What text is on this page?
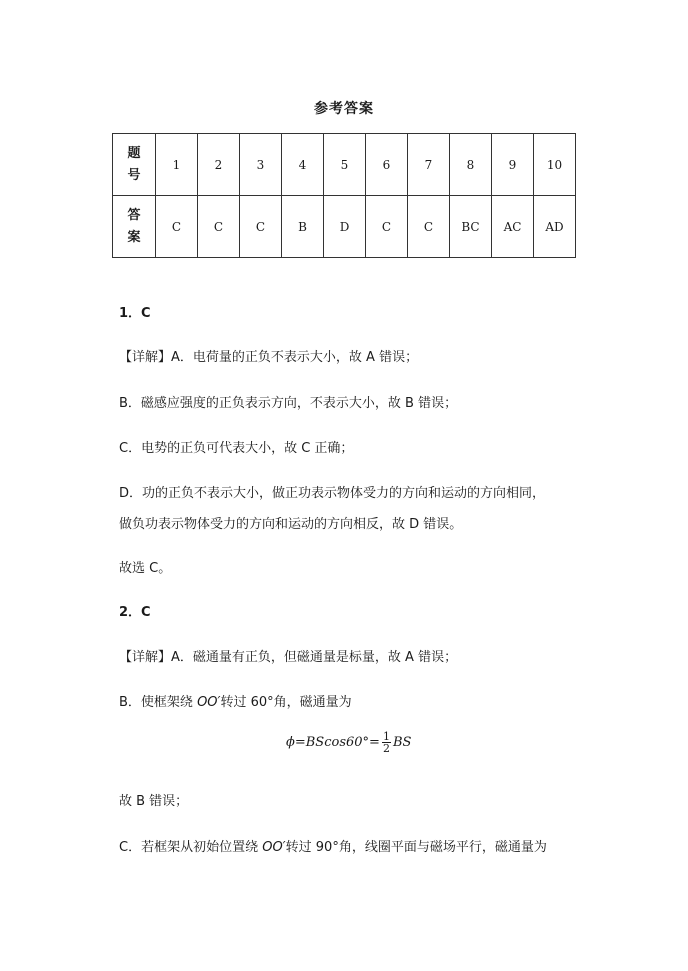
参考答案
题
号	1	2	3	4	5	6	7	8	9	10

答
案	C	C	C	B	D	C	C	BC	AC	AD
1．C
【详解】A．电荷量的正负不表示大小，故 A 错误；
B．磁感应强度的正负表示方向，不表示大小，故 B 错误；
C．电势的正负可代表大小，故 C 正确；
D．功的正负不表示大小，做正功表示物体受力的方向和运动的方向相同，
做负功表示物体受力的方向和运动的方向相反，故 D 错误。
故选 C。
2．C
【详解】A．磁通量有正负，但磁通量是标量，故 A 错误；
B．使框架绕 OO′转过 60°角，磁通量为
$\phi=BScos60^\circ= \frac{1}{2}$ BS
故 B 错误；
C．若框架从初始位置绕 OO′转过 90°角，线圈平面与磁场平行，磁通量为
